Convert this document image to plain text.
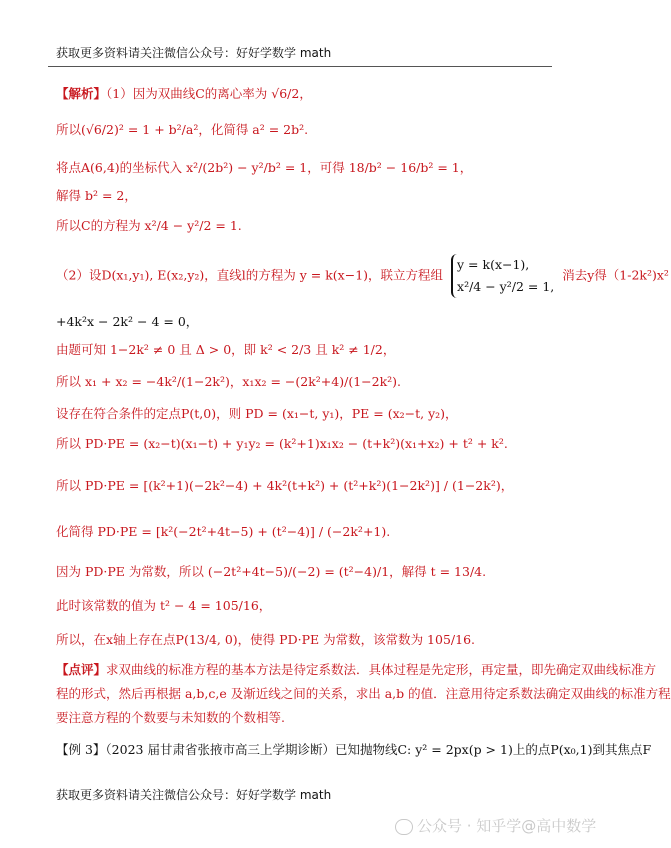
获取更多资料请关注微信公众号：好好学数学 math
【解析】（1）因为双曲线C的离心率为 √6/2，
所以(√6/2)² = 1 + b²/a²，化简得 a² = 2b².
将点A(6,4)的坐标代入 x²/(2b²) − y²/b² = 1，可得 18/b² − 16/b² = 1，
解得 b² = 2，
所以C的方程为 x²/4 − y²/2 = 1.
（2）设D(x₁,y₁), E(x₂,y₂)，直线l的方程为 y = k(x−1)，联立方程组
y = k(x−1),
x²/4 − y²/2 = 1,
消去y得（1-2k²)x²
+4k²x − 2k² − 4 = 0，
由题可知 1−2k² ≠ 0 且 Δ > 0，即 k² < 2/3 且 k² ≠ 1/2，
所以 x₁ + x₂ = −4k²/(1−2k²)，x₁x₂ = −(2k²+4)/(1−2k²).
设存在符合条件的定点P(t,0)，则 PD = (x₁−t, y₁)，PE = (x₂−t, y₂)，
所以 PD·PE = (x₂−t)(x₁−t) + y₁y₂ = (k²+1)x₁x₂ − (t+k²)(x₁+x₂) + t² + k².
所以 PD·PE = [(k²+1)(−2k²−4) + 4k²(t+k²) + (t²+k²)(1−2k²)] / (1−2k²)，
化简得 PD·PE = [k²(−2t²+4t−5) + (t²−4)] / (−2k²+1).
因为 PD·PE 为常数，所以 (−2t²+4t−5)/(−2) = (t²−4)/1，解得 t = 13/4.
此时该常数的值为 t² − 4 = 105/16，
所以，在x轴上存在点P(13/4, 0)，使得 PD·PE 为常数，该常数为 105/16.
【点评】求双曲线的标准方程的基本方法是待定系数法．具体过程是先定形，再定量，即先确定双曲线标准方
程的形式，然后再根据 a,b,c,e 及渐近线之间的关系，求出 a,b 的值．注意用待定系数法确定双曲线的标准方程
要注意方程的个数要与未知数的个数相等.
【例 3】（2023 届甘肃省张掖市高三上学期诊断）已知抛物线C: y² = 2px(p > 1)上的点P(x₀,1)到其焦点F
获取更多资料请关注微信公众号：好好学数学 math
公众号 · 知乎学@高中数学
